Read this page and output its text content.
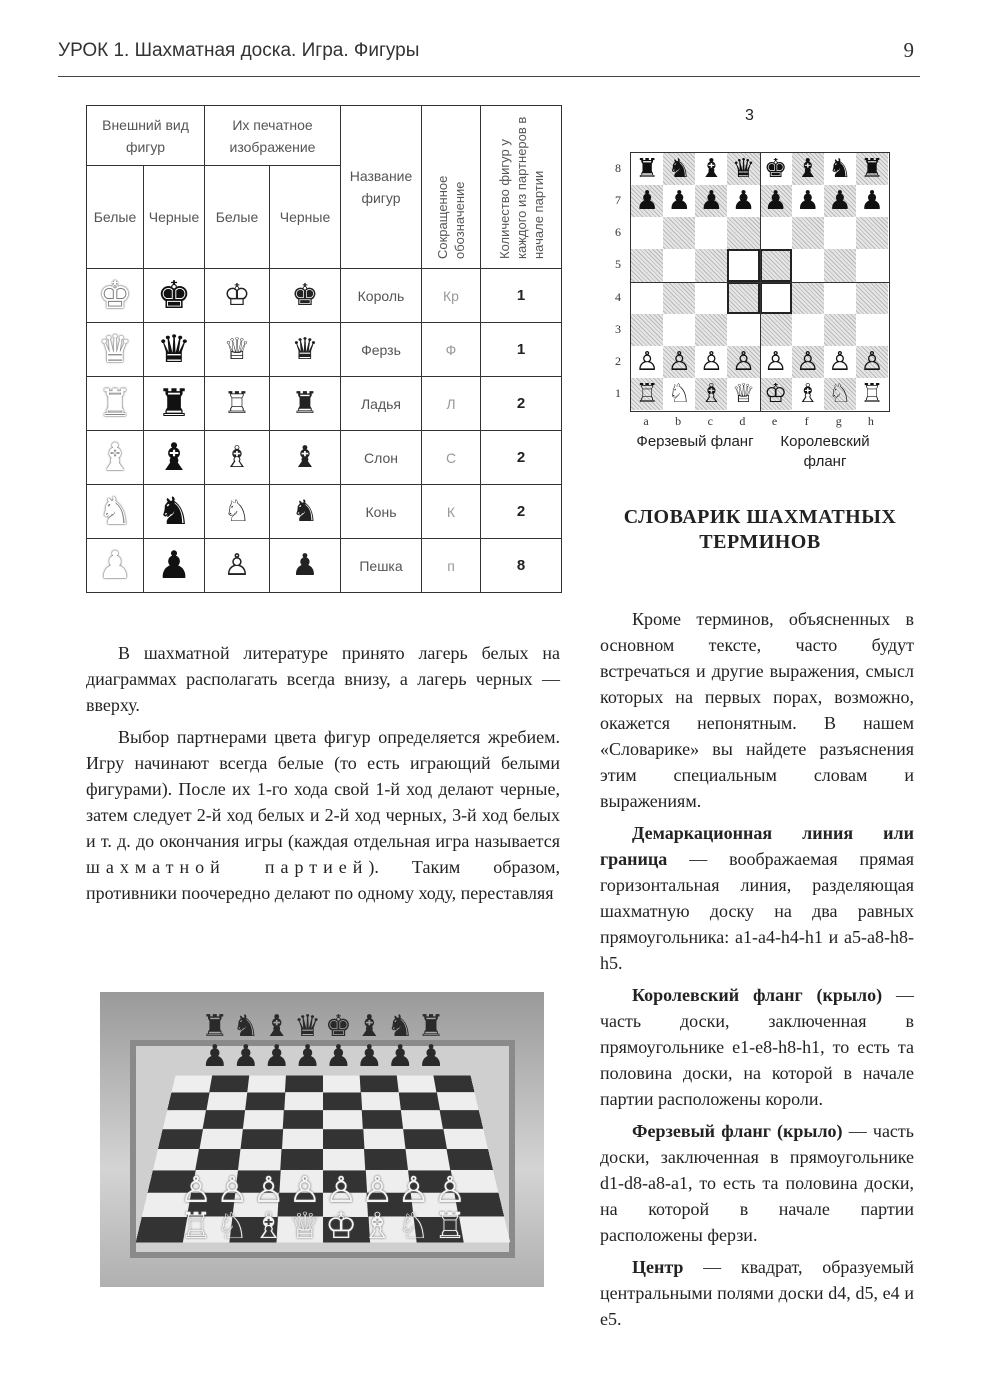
УРОК 1. Шахматная доска. Игра. Фигуры	9
Внешний вид фигур		Их печатное изображение		Название фигур	Сокращенное обозначение	Количество фигур у каждого из партнеров в начале партии
Белые	Черные	Белые	Черные			
♚	♚	♔	♚	Король	Кр	1
♛	♛	♕	♛	Ферзь	Ф	1
♜	♜	♖	♜	Ладья	Л	2
♝	♝	♗	♝	Слон	С	2
♞	♞	♘	♞	Конь	К	2
♟	♟	♙	♟	Пешка	п	8
3
♜ ♞ ♝ ♛ ♚ ♝ ♞ ♜
♟ ♟ ♟ ♟ ♟ ♟ ♟ ♟
♙ ♙ ♙ ♙ ♙ ♙ ♙ ♙
♖ ♘ ♗ ♕ ♔ ♗ ♘ ♖
8
7
6
5
4
3
2
1
a	b	c	d	e	f	g	h
Ферзевый фланг	Королевский фланг
СЛОВАРИК ШАХМАТНЫХ ТЕРМИНОВ

В шахматной литературе принято лагерь белых на диаграммах располагать всегда внизу, а лагерь черных — вверху.

Выбор партнерами цвета фигур определяется жребием. Игру начинают всегда белые (то есть играющий белыми фигурами). После их 1-го хода свой 1-й ход делают черные, затем следует 2-й ход белых и 2-й ход черных, 3-й ход белых и т. д. до окончания игры (каждая отдельная игра называется шахматной партией). Таким образом, противники поочередно делают по одному ходу, переставляя

♜♞♝♛♚♝♞♜
♟♟♟♟♟♟♟♟
♙♙♙♙♙♙♙♙
♖♘♗♕♔♗♘♖

Кроме терминов, объясненных в основном тексте, часто будут встречаться и другие выражения, смысл которых на первых порах, возможно, окажется непонятным. В нашем «Словарике» вы найдете разъяснения этим специальным словам и выражениям.

Демаркационная линия или граница — воображаемая прямая горизонтальная линия, разделяющая шахматную доску на два равных прямоугольника: a1-a4-h4-h1 и a5-a8-h8-h5.

Королевский фланг (крыло) — часть доски, заключенная в прямоугольнике e1-e8-h8-h1, то есть та половина доски, на которой в начале партии расположены короли.

Ферзевый фланг (крыло) — часть доски, заключенная в прямоугольнике d1-d8-a8-a1, то есть та половина доски, на которой в начале партии расположены ферзи.

Центр — квадрат, образуемый центральными полями доски d4, d5, e4 и e5.
